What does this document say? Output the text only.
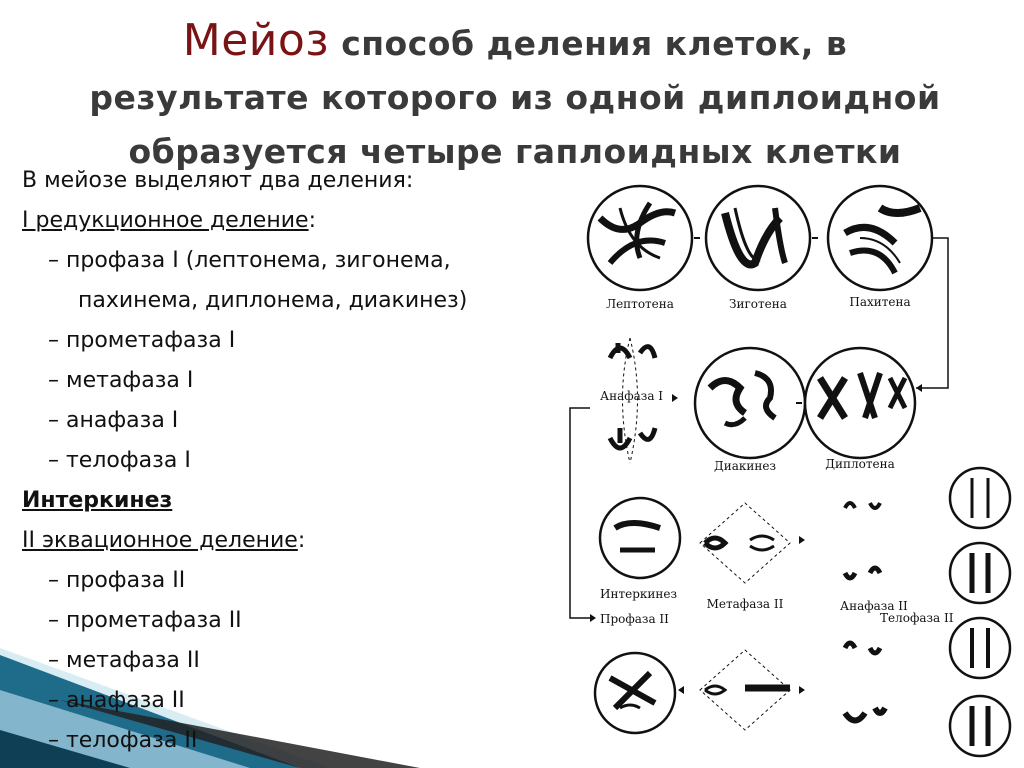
Мейоз способ деления клеток, в
результате которого из одной диплоидной
образуется четыре гаплоидных клетки
В мейозе выделяют два деления:
I редукционное деление:
– профаза I (лептонема, зигонема,
пахинема, диплонема, диакинез)
– прометафаза I
– метафаза I
– анафаза I
– телофаза I
Интеркинез
II эквационное деление:
– профаза II
– прометафаза II
– метафаза II
– анафаза II
– телофаза II
Лептотена	Зиготена	Пахитена
Анафаза I
Диакинез	Диплотена
Интеркинез
Метафаза II	Анафаза II
Телофаза II
Профаза II
